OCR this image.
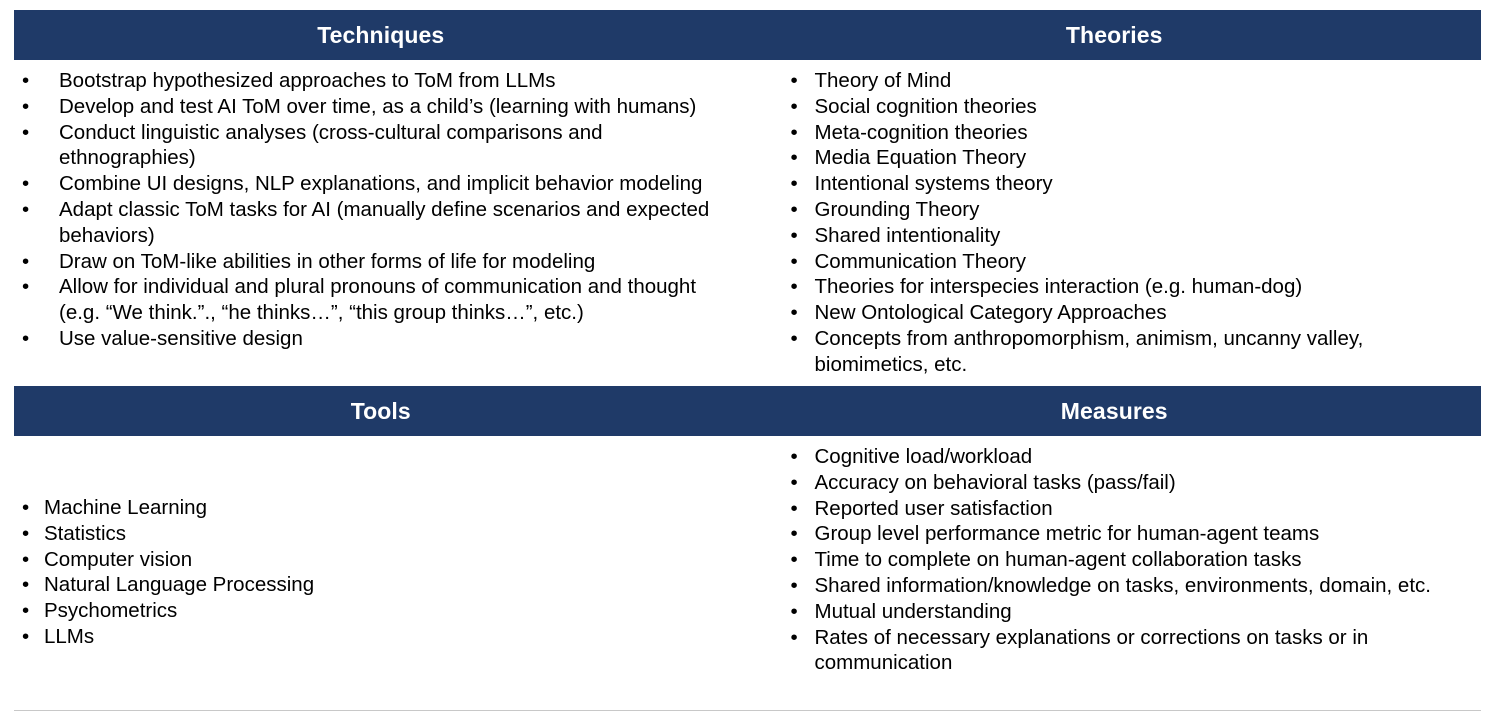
Techniques	Theories
• Bootstrap hypothesized approaches to ToM from LLMs
• Develop and test AI ToM over time, as a child’s (learning with humans)
• Conduct linguistic analyses (cross-cultural comparisons and ethnographies)
• Combine UI designs, NLP explanations, and implicit behavior modeling
• Adapt classic ToM tasks for AI (manually define scenarios and expected behaviors)
• Draw on ToM-like abilities in other forms of life for modeling
• Allow for individual and plural pronouns of communication and thought (e.g. “We think.”., “he thinks…”, “this group thinks…”, etc.)
• Use value-sensitive design
• Theory of Mind
• Social cognition theories
• Meta-cognition theories
• Media Equation Theory
• Intentional systems theory
• Grounding Theory
• Shared intentionality
• Communication Theory
• Theories for interspecies interaction (e.g. human-dog)
• New Ontological Category Approaches
• Concepts from anthropomorphism, animism, uncanny valley, biomimetics, etc.
Tools	Measures
• Machine Learning
• Statistics
• Computer vision
• Natural Language Processing
• Psychometrics
• LLMs
• Cognitive load/workload
• Accuracy on behavioral tasks (pass/fail)
• Reported user satisfaction
• Group level performance metric for human-agent teams
• Time to complete on human-agent collaboration tasks
• Shared information/knowledge on tasks, environments, domain, etc.
• Mutual understanding
• Rates of necessary explanations or corrections on tasks or in communication
